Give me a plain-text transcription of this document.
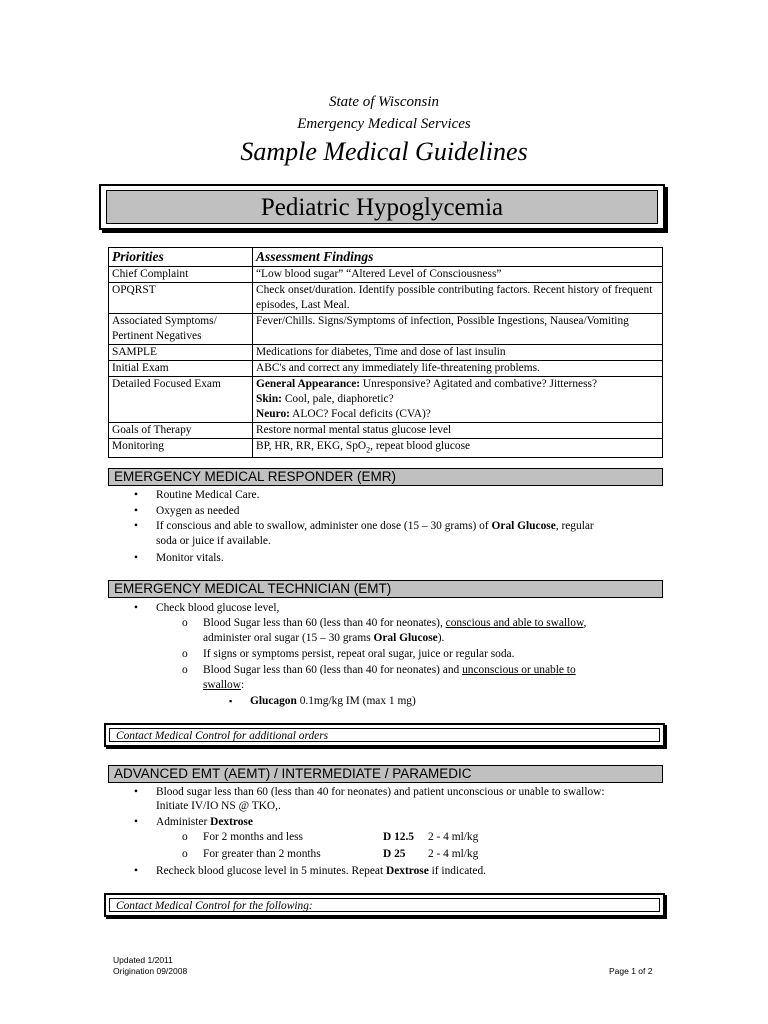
State of Wisconsin
Emergency Medical Services
Sample Medical Guidelines
Pediatric Hypoglycemia
Priorities	Assessment Findings
Chief Complaint	“Low blood sugar” “Altered Level of Consciousness”
OPQRST	Check onset/duration. Identify possible contributing factors. Recent history of frequent episodes, Last Meal.
Associated Symptoms/ Pertinent Negatives	Fever/Chills. Signs/Symptoms of infection, Possible Ingestions, Nausea/Vomiting
SAMPLE	Medications for diabetes, Time and dose of last insulin
Initial Exam	ABC's and correct any immediately life-threatening problems.
Detailed Focused Exam	General Appearance: Unresponsive? Agitated and combative? Jitterness?
Skin: Cool, pale, diaphoretic?
Neuro: ALOC? Focal deficits (CVA)?

Goals of Therapy	Restore normal mental status glucose level
Monitoring	BP, HR, RR, EKG, SpO$_2$, repeat blood glucose
EMERGENCY MEDICAL RESPONDER (EMR)
• Routine Medical Care.
• Oxygen as needed
• If conscious and able to swallow, administer one dose (15 – 30 grams) of Oral Glucose, regular
soda or juice if available.
• Monitor vitals.
EMERGENCY MEDICAL TECHNICIAN (EMT)
• Check blood glucose level,
o Blood Sugar less than 60 (less than 40 for neonates), conscious and able to swallow,
administer oral sugar (15 – 30 grams Oral Glucose).
o If signs or symptoms persist, repeat oral sugar, juice or regular soda.
o Blood Sugar less than 60 (less than 40 for neonates) and unconscious or unable to
swallow:
▪ Glucagon 0.1mg/kg IM (max 1 mg)
Contact Medical Control for additional orders
ADVANCED EMT (AEMT) / INTERMEDIATE / PARAMEDIC
• Blood sugar less than 60 (less than 40 for neonates) and patient unconscious or unable to swallow:
Initiate IV/IO NS @ TKO,.
• Administer Dextrose
o For 2 months and less	D 12.5 2 - 4 ml/kg
o For greater than 2 months	D 25 2 - 4 ml/kg
• Recheck blood glucose level in 5 minutes. Repeat Dextrose if indicated.
Contact Medical Control for the following:
Updated 1/2011
Origination 09/2008	Page 1 of 2
